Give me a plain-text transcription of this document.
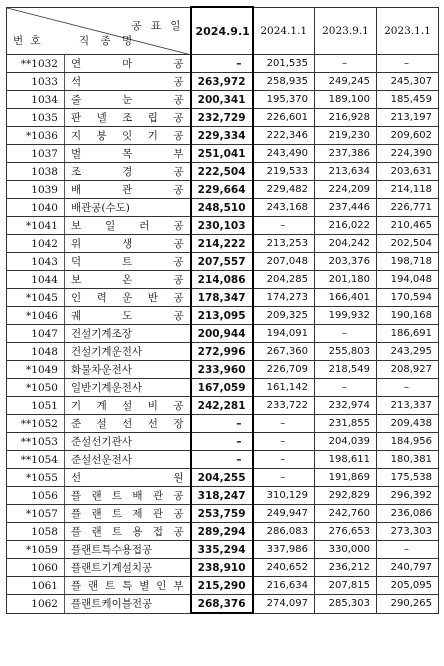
공 표 일
번 호 직 종 명		2024.9.1	2024.1.1	2023.9.1	2023.1.1
**1032	연 마 공	–	201,535	–	–
1033	석 공	263,972	258,935	249,245	245,307
1034	줄 눈 공	200,341	195,370	189,100	185,459
1035	판 넬 조 립 공	232,729	226,601	216,928	213,197
*1036	지 붕 잇 기 공	229,334	222,346	219,230	209,602
1037	벌 목 부	251,041	243,490	237,386	224,390
1038	조 경 공	222,504	219,533	213,634	203,631
1039	배 관 공	229,664	229,482	224,209	214,118
1040	배관공(수도)	248,510	243,168	237,446	226,771
*1041	보 일 러 공	230,103	–	216,022	210,465
1042	위 생 공	214,222	213,253	204,242	202,504
1043	덕 트 공	207,557	207,048	203,376	198,718
1044	보 온 공	214,086	204,285	201,180	194,048
*1045	인 력 운 반 공	178,347	174,273	166,401	170,594
*1046	궤 도 공	213,095	209,325	199,932	190,168
1047	건설기계조장	200,944	194,091	–	186,691
1048	건설기계운전사	272,996	267,360	255,803	243,295
*1049	화물차운전사	233,960	226,709	218,549	208,927
*1050	일반기계운전사	167,059	161,142	–	–
1051	기 계 설 비 공	242,281	233,722	232,974	213,337
**1052	준 설 선 선 장	–	–	231,855	209,438
**1053	준설선기관사	–	–	204,039	184,956
**1054	준설선운전사	–	–	198,611	180,381
*1055	선 원	204,255	–	191,869	175,538
1056	플 랜 트 배 관 공	318,247	310,129	292,829	296,392
*1057	플 랜 트 제 관 공	253,759	249,947	242,760	236,086
1058	플 랜 트 용 접 공	289,294	286,083	276,653	273,303
*1059	플랜트특수용접공	335,294	337,986	330,000	–
1060	플랜트기계설치공	238,910	240,652	236,212	240,797
1061	플 랜 트 특 별 인 부	215,290	216,634	207,815	205,095
1062	플랜트케이블전공	268,376	274,097	285,303	290,265
